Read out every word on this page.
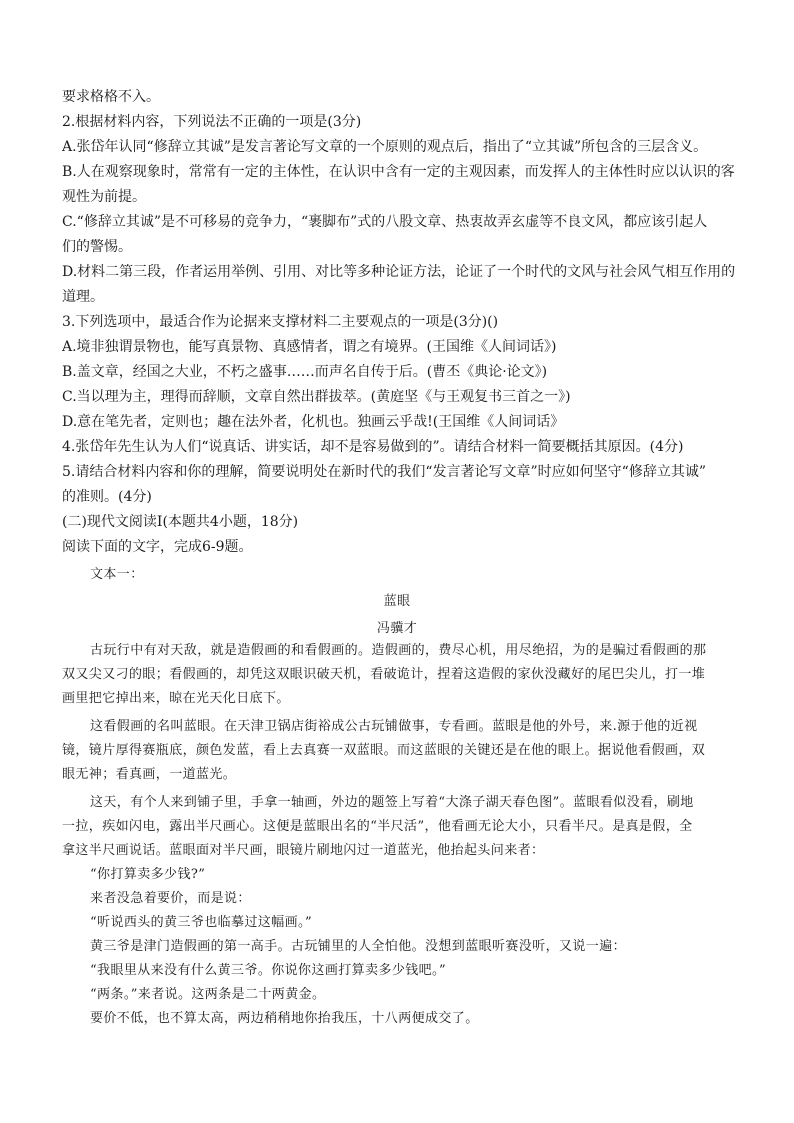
要求格格不入。
2.根据材料内容，下列说法不正确的一项是(3分)
A.张岱年认同“修辞立其诚”是发言著论写文章的一个原则的观点后，指出了“立其诚”所包含的三层含义。
B.人在观察现象时，常常有一定的主体性，在认识中含有一定的主观因素，而发挥人的主体性时应以认识的客
观性为前提。
C.“修辞立其诚”是不可移易的竞争力，“裹脚布”式的八股文章、热衷故弄玄虚等不良文风，都应该引起人
们的警惕。
D.材料二第三段，作者运用举例、引用、对比等多种论证方法，论证了一个时代的文风与社会风气相互作用的
道理。
3.下列选项中，最适合作为论据来支撑材料二主要观点的一项是(3分)()
A.境非独谓景物也，能写真景物、真感情者，谓之有境界。(王国维《人间词话》)
B.盖文章，经国之大业，不朽之盛事……而声名自传于后。(曹丕《典论·论文》)
C.当以理为主，理得而辞顺，文章自然出群拔萃。(黄庭坚《与王观复书三首之一》)
D.意在笔先者，定则也；趣在法外者，化机也。独画云乎哉!(王国维《人间词话》
4.张岱年先生认为人们“说真话、讲实话，却不是容易做到的”。请结合材料一简要概括其原因。(4分)
5.请结合材料内容和你的理解，简要说明处在新时代的我们“发言著论写文章”时应如何坚守“修辞立其诚”
的准则。(4分)
(二)现代文阅读Ⅰ(本题共4小题，18分)
阅读下面的文字，完成6-9题。
文本一：
蓝眼
冯骥才
古玩行中有对天敌，就是造假画的和看假画的。造假画的，费尽心机，用尽绝招，为的是骗过看假画的那
双又尖又刁的眼；看假画的，却凭这双眼识破天机，看破诡计，捏着这造假的家伙没藏好的尾巴尖儿，打一堆
画里把它掉出来，晾在光天化日底下。
这看假画的名叫蓝眼。在天津卫锅店街裕成公古玩铺做事，专看画。蓝眼是他的外号，来.源于他的近视
镜，镜片厚得赛瓶底，颜色发蓝，看上去真赛一双蓝眼。而这蓝眼的关键还是在他的眼上。据说他看假画，双
眼无神；看真画，一道蓝光。
这天，有个人来到铺子里，手拿一轴画，外边的题签上写着“大涤子湖天春色图”。蓝眼看似没看，刷地
一拉，疾如闪电，露出半尺画心。这便是蓝眼出名的“半尺活”，他看画无论大小，只看半尺。是真是假，全
拿这半尺画说话。蓝眼面对半尺画，眼镜片刷地闪过一道蓝光，他抬起头问来者：
“你打算卖多少钱?”
来者没急着要价，而是说：
“听说西头的黄三爷也临摹过这幅画。”
黄三爷是津门造假画的第一高手。古玩铺里的人全怕他。没想到蓝眼听赛没听，又说一遍：
“我眼里从来没有什么黄三爷。你说你这画打算卖多少钱吧。”
“两条。”来者说。这两条是二十两黄金。
要价不低，也不算太高，两边稍稍地你抬我压，十八两便成交了。
